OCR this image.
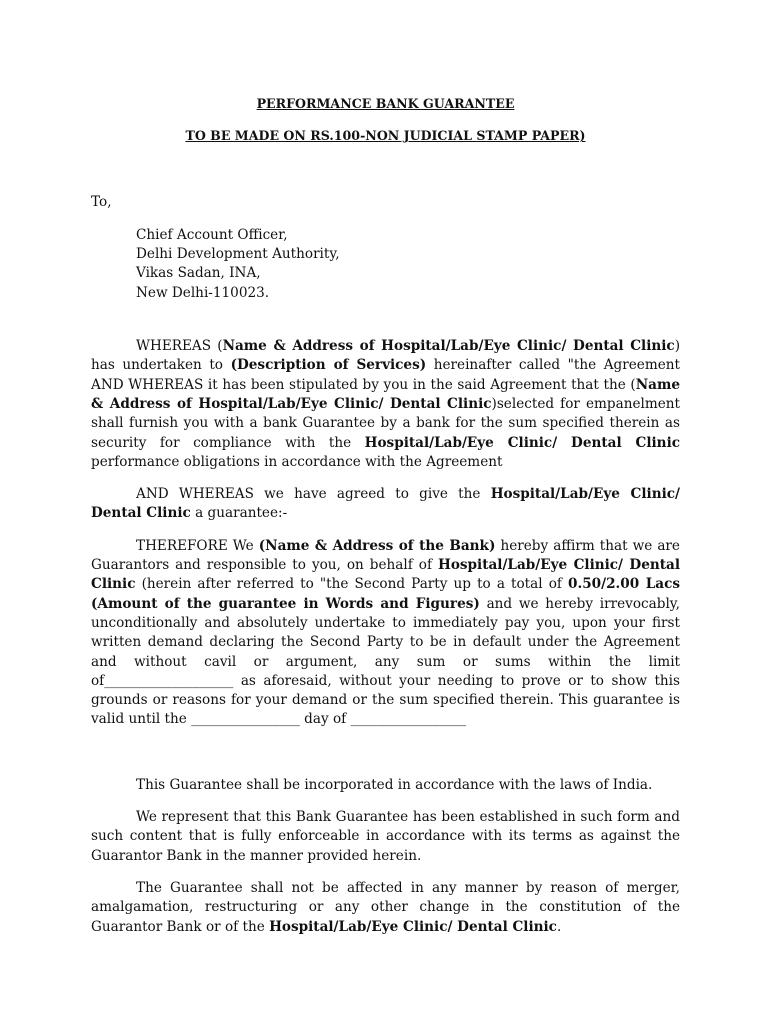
PERFORMANCE BANK GUARANTEE

TO BE MADE ON RS.100-NON JUDICIAL STAMP PAPER)

To,
Chief Account Officer,
Delhi Development Authority,
Vikas Sadan, INA,
New Delhi-110023.

WHEREAS (Name & Address of Hospital/Lab/Eye Clinic/ Dental Clinic) has undertaken to (Description of Services) hereinafter called "the Agreement AND WHEREAS it has been stipulated by you in the said Agreement that the (Name & Address of Hospital/Lab/Eye Clinic/ Dental Clinic)selected for empanelment shall furnish you with a bank Guarantee by a bank for the sum specified therein as security for compliance with the Hospital/Lab/Eye Clinic/ Dental Clinic performance obligations in accordance with the Agreement

AND WHEREAS we have agreed to give the Hospital/Lab/Eye Clinic/ Dental Clinic a guarantee:-

THEREFORE We (Name & Address of the Bank) hereby affirm that we are Guarantors and responsible to you, on behalf of Hospital/Lab/Eye Clinic/ Dental Clinic (herein after referred to "the Second Party up to a total of 0.50/2.00 Lacs (Amount of the guarantee in Words and Figures) and we hereby irrevocably, unconditionally and absolutely undertake to immediately pay you, upon your first written demand declaring the Second Party to be in default under the Agreement and without cavil or argument, any sum or sums within the limit of___________________ as aforesaid, without your needing to prove or to show this grounds or reasons for your demand or the sum specified therein. This guarantee is valid until the ________________ day of _________________

This Guarantee shall be incorporated in accordance with the laws of India.

We represent that this Bank Guarantee has been established in such form and such content that is fully enforceable in accordance with its terms as against the Guarantor Bank in the manner provided herein.

The Guarantee shall not be affected in any manner by reason of merger, amalgamation, restructuring or any other change in the constitution of the Guarantor Bank or of the Hospital/Lab/Eye Clinic/ Dental Clinic.
